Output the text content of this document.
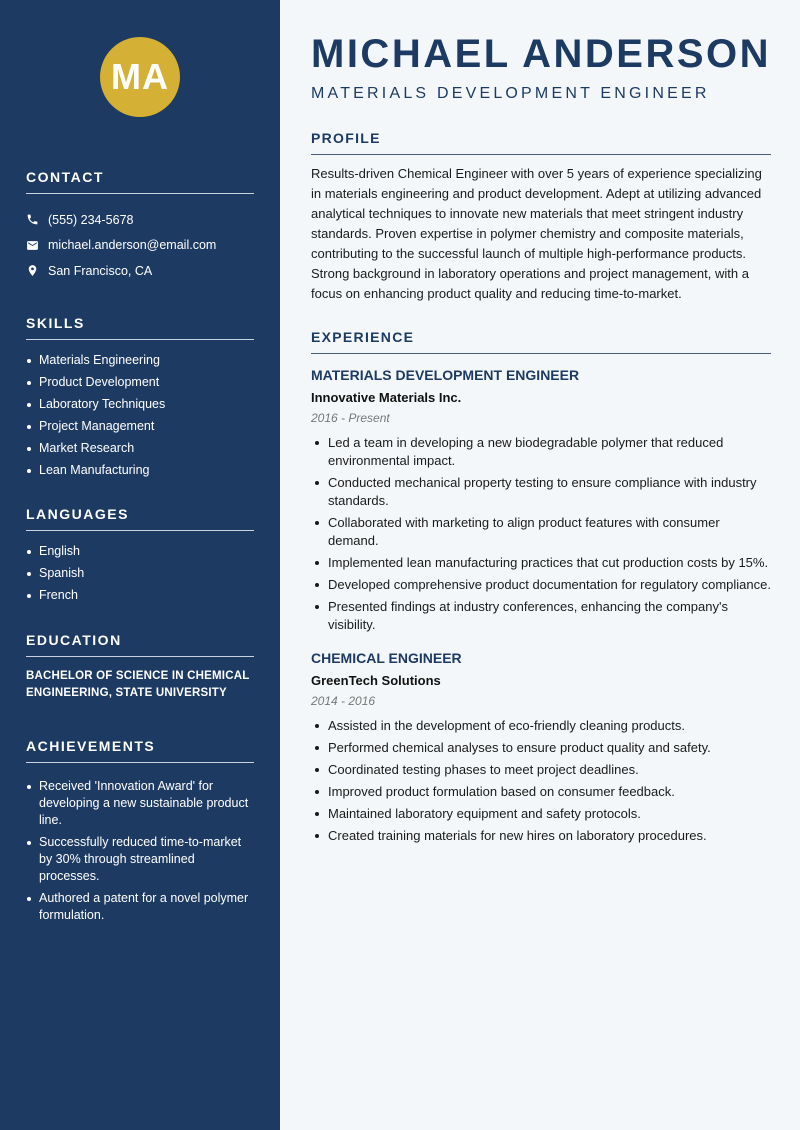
MA
CONTACT
(555) 234-5678
michael.anderson@email.com
San Francisco, CA
SKILLS
Materials Engineering
Product Development
Laboratory Techniques
Project Management
Market Research
Lean Manufacturing
LANGUAGES
English
Spanish
French
EDUCATION
BACHELOR OF SCIENCE IN CHEMICAL ENGINEERING, STATE UNIVERSITY
ACHIEVEMENTS
Received 'Innovation Award' for developing a new sustainable product line.
Successfully reduced time-to-market by 30% through streamlined processes.
Authored a patent for a novel polymer formulation.
MICHAEL ANDERSON
MATERIALS DEVELOPMENT ENGINEER
PROFILE

Results-driven Chemical Engineer with over 5 years of experience specializing in materials engineering and product development. Adept at utilizing advanced analytical techniques to innovate new materials that meet stringent industry standards. Proven expertise in polymer chemistry and composite materials, contributing to the successful launch of multiple high-performance products. Strong background in laboratory operations and project management, with a focus on enhancing product quality and reducing time-to-market.

EXPERIENCE
MATERIALS DEVELOPMENT ENGINEER
Innovative Materials Inc.
2016 - Present
Led a team in developing a new biodegradable polymer that reduced environmental impact.
Conducted mechanical property testing to ensure compliance with industry standards.
Collaborated with marketing to align product features with consumer demand.
Implemented lean manufacturing practices that cut production costs by 15%.
Developed comprehensive product documentation for regulatory compliance.
Presented findings at industry conferences, enhancing the company's visibility.
CHEMICAL ENGINEER
GreenTech Solutions
2014 - 2016
Assisted in the development of eco-friendly cleaning products.
Performed chemical analyses to ensure product quality and safety.
Coordinated testing phases to meet project deadlines.
Improved product formulation based on consumer feedback.
Maintained laboratory equipment and safety protocols.
Created training materials for new hires on laboratory procedures.
